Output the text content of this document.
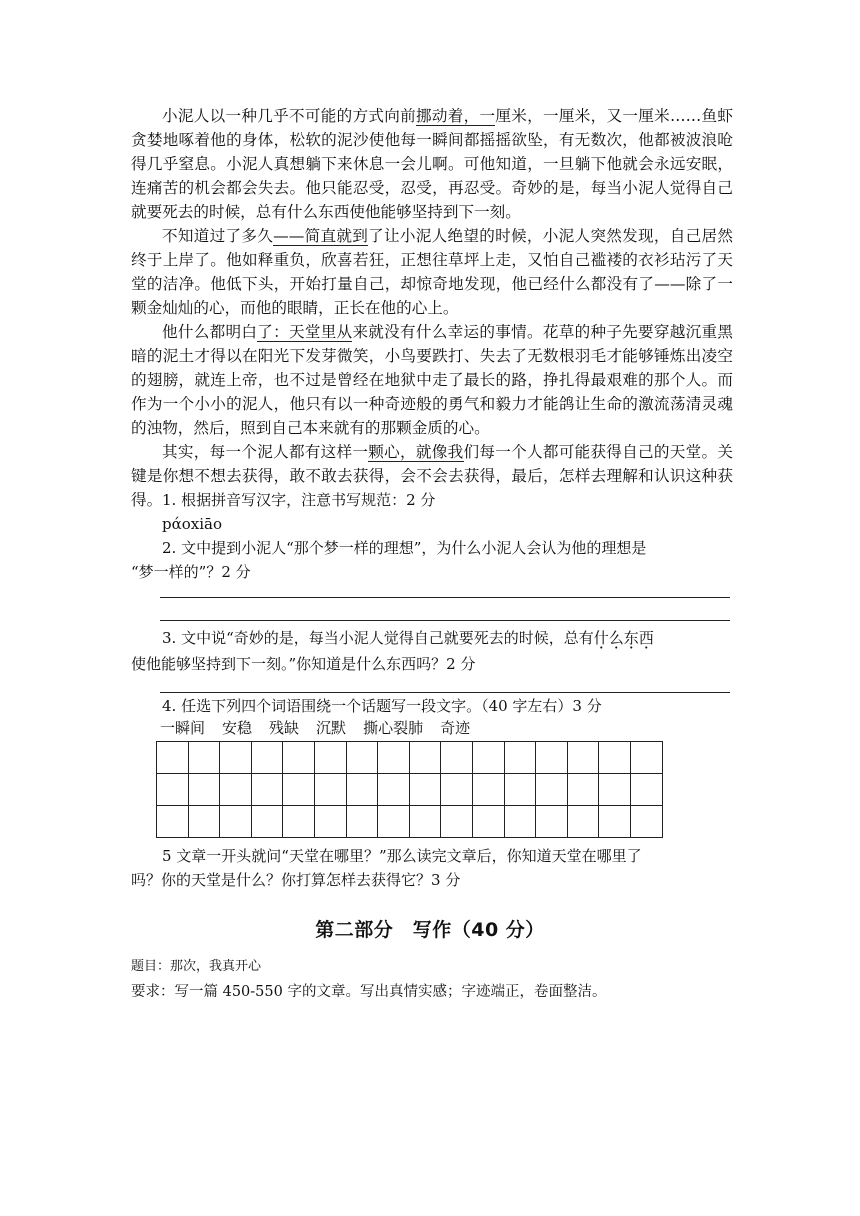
小泥人以一种几乎不可能的方式向前挪动着，一厘米，一厘米，又一厘米……鱼虾贪婪地啄着他的身体，松软的泥沙使他每一瞬间都摇摇欲坠，有无数次，他都被波浪呛得几乎窒息。小泥人真想躺下来休息一会儿啊。可他知道，一旦躺下他就会永远安眠，连痛苦的机会都会失去。他只能忍受，忍受，再忍受。奇妙的是，每当小泥人觉得自己就要死去的时候，总有什么东西使他能够坚持到下一刻。

不知道过了多久——简直就到了让小泥人绝望的时候，小泥人突然发现，自己居然终于上岸了。他如释重负，欣喜若狂，正想往草坪上走，又怕自己褴褛的衣衫玷污了天堂的洁净。他低下头，开始打量自己，却惊奇地发现，他已经什么都没有了——除了一颗金灿灿的心，而他的眼睛，正长在他的心上。

他什么都明白了：天堂里从来就没有什么幸运的事情。花草的种子先要穿越沉重黑暗的泥土才得以在阳光下发芽微笑，小鸟要跌打、失去了无数根羽毛才能够锤炼出凌空的翅膀，就连上帝，也不过是曾经在地狱中走了最长的路，挣扎得最艰难的那个人。而作为一个小小的泥人，他只有以一种奇迹般的勇气和毅力才能鸽让生命的激流荡清灵魂的浊物，然后，照到自己本来就有的那颗金质的心。

其实，每一个泥人都有这样一颗心，就像我们每一个人都可能获得自己的天堂。关键是你想不想去获得，敢不敢去获得，会不会去获得，最后，怎样去理解和认识这种获得。 1. 根据拼音写汉字，注意书写规范：2 分

pάoxiāo

2. 文中提到小泥人“那个梦一样的理想”，为什么小泥人会认为他的理想是

“梦一样的”？2 分

3. 文中说“奇妙的是，每当小泥人觉得自己就要死去的时候，总有什么东西

使他能够坚持到下一刻。”你知道是什么东西吗？2 分

4. 任选下列四个词语围绕一个话题写一段文字。（40 字左右）3 分

一瞬间 安稳 残缺 沉默 撕心裂肺 奇迹

5 文章一开头就问“天堂在哪里？”那么读完文章后，你知道天堂在哪里了

吗？你的天堂是什么？你打算怎样去获得它？3 分

第二部分　写作（40 分）

题目：那次，我真开心

要求：写一篇 450-550 字的文章。写出真情实感；字迹端正，卷面整洁。
